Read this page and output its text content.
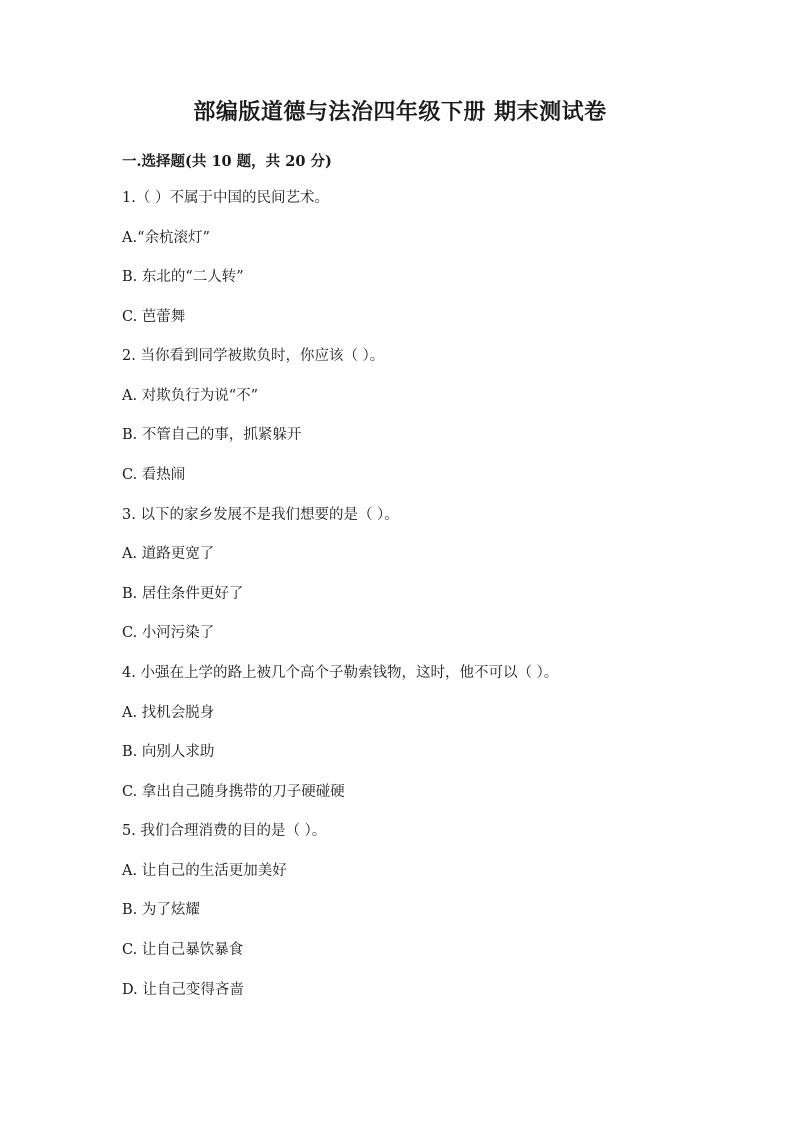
部编版道德与法治四年级下册 期末测试卷
一.选择题(共 10 题，共 20 分)
1.（ ）不属于中国的民间艺术。
A.“余杭滚灯”
B. 东北的“二人转”
C. 芭蕾舞
2. 当你看到同学被欺负时，你应该（ ）。
A. 对欺负行为说“不”
B. 不管自己的事，抓紧躲开
C. 看热闹
3. 以下的家乡发展不是我们想要的是（ ）。
A. 道路更宽了
B. 居住条件更好了
C. 小河污染了
4. 小强在上学的路上被几个高个子勒索钱物，这时，他不可以（ ）。
A. 找机会脱身
B. 向别人求助
C. 拿出自己随身携带的刀子硬碰硬
5. 我们合理消费的目的是（ ）。
A. 让自己的生活更加美好
B. 为了炫耀
C. 让自己暴饮暴食
D. 让自己变得吝啬
